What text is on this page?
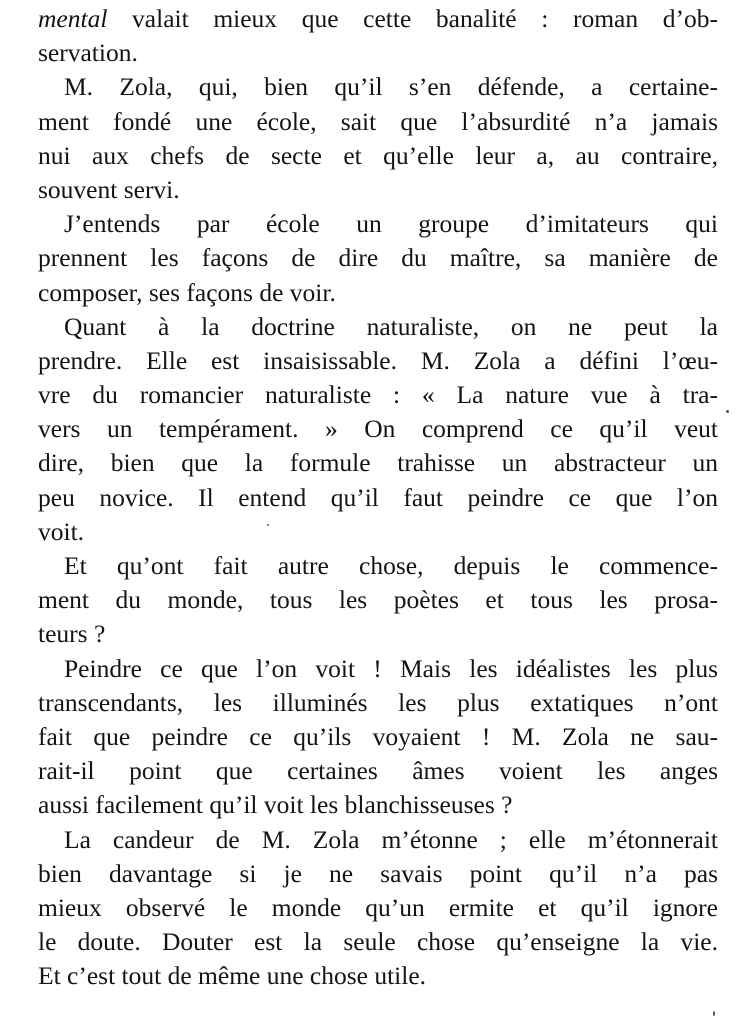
mental valait mieux que cette banalité : roman d’ob-
servation.
M. Zola, qui, bien qu’il s’en défende, a certaine-
ment fondé une école, sait que l’absurdité n’a jamais
nui aux chefs de secte et qu’elle leur a, au contraire,
souvent servi.
J’entends par école un groupe d’imitateurs qui
prennent les façons de dire du maître, sa manière de
composer, ses façons de voir.
Quant à la doctrine naturaliste, on ne peut la
prendre. Elle est insaisissable. M. Zola a défini l’œu-
vre du romancier naturaliste : « La nature vue à tra-
vers un tempérament. » On comprend ce qu’il veut
dire, bien que la formule trahisse un abstracteur un
peu novice. Il entend qu’il faut peindre ce que l’on
voit.
Et qu’ont fait autre chose, depuis le commence-
ment du monde, tous les poètes et tous les prosa-
teurs ?
Peindre ce que l’on voit ! Mais les idéalistes les plus
transcendants, les illuminés les plus extatiques n’ont
fait que peindre ce qu’ils voyaient ! M. Zola ne sau-
rait-il point que certaines âmes voient les anges
aussi facilement qu’il voit les blanchisseuses ?
La candeur de M. Zola m’étonne ; elle m’étonnerait
bien davantage si je ne savais point qu’il n’a pas
mieux observé le monde qu’un ermite et qu’il ignore
le doute. Douter est la seule chose qu’enseigne la vie.
Et c’est tout de même une chose utile.
